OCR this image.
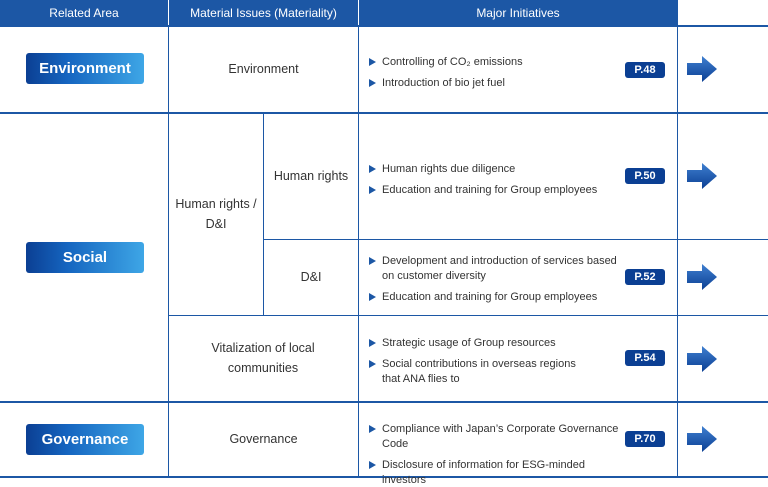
Related Area	Material Issues (Materiality)	Major Initiatives
Environment
Social
Governance
Environment
Human rights / D&I
Human rights
D&I
Vitalization of local communities
Governance
Controlling of CO₂ emissions
Introduction of bio jet fuel
Human rights due diligence
Education and training for Group employees
Development and introduction of services based on customer diversity
Education and training for Group employees
Strategic usage of Group resources
Social contributions in overseas regions that ANA flies to
Compliance with Japan’s Corporate Governance Code
Disclosure of information for ESG-minded investors
P.48
P.50
P.52
P.54
P.70
